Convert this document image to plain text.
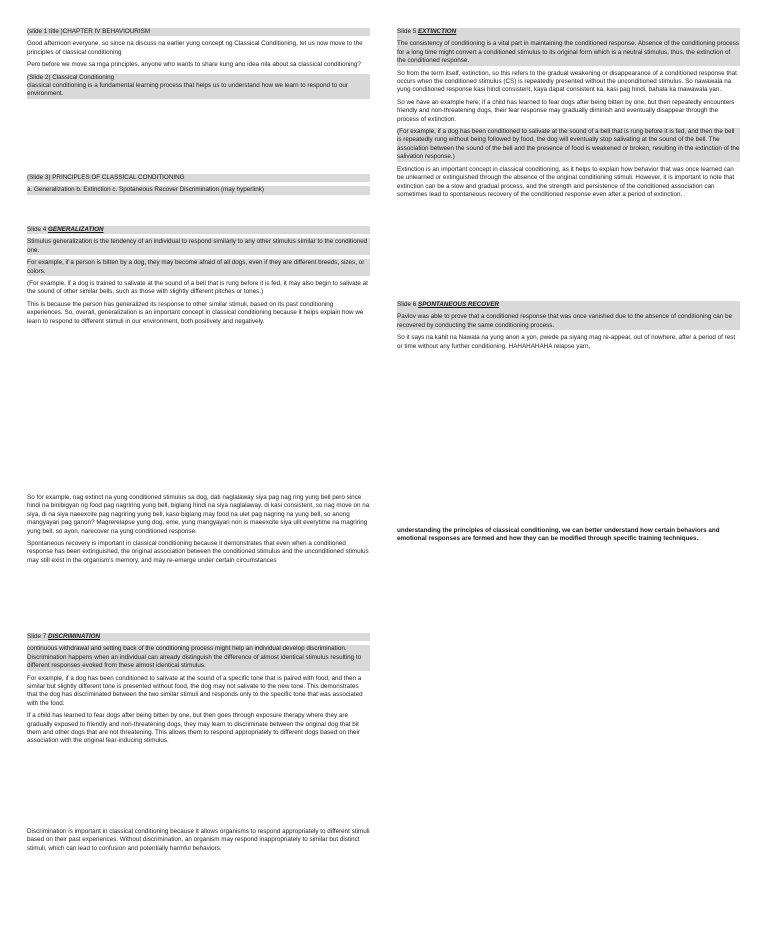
(slide 1 title )CHAPTER IV BEHAVIOURISM

Good afternoon everyone, so since na discuss na earlier yung concept ng Classical Conditioning, let us now move to the principles of classical conditioning

Pero before we move sa mga principles, anyone who wants to share kung ano idea nila about sa classical conditioning?

(Slide 2) Classical Conditioning

classical conditioning is a fundamental learning process that helps us to understand how we learn to respond to our environment.

(Slide 3) PRINCIPLES OF CLASSICAL CONDITIONING

a. Generalization b. Extinction c. Spotaneous Recover Discrimination (may hyperlink)

Slide 4 GENERALIZATION

Stimulus generalization is the tendency of an individual to respond similarly to any other stimulus similar to the conditioned one.

For example, if a person is bitten by a dog, they may become afraid of all dogs, even if they are different breeds, sizes, or colors.

(For example, if a dog is trained to salivate at the sound of a bell that is rung before it is fed, it may also begin to salivate at the sound of other similar bells, such as those with slightly different pitches or tones.)

This is because the person has generalized its response to other similar stimuli, based on its past conditioning experiences. So, overall, generalization is an important concept in classical conditioning because it helps explain how we learn to respond to different stimuli in our environment, both positively and negatively.

So for example, nag extinct na yung conditioned stimulus sa dog, dati naglalaway siya pag nag ring yung bell pero since hindi na binibigyan ng food pag nagriring yung bell, biglang hindi na siya naglalaway, di kasi consistent, so nag move on na siya, di na siya naeexcite pag nagriring yung bell, kaso biglang may food na ulet pag nagring na yung bell, so anong mangyayari pag ganon? Magrerelapse yung dog, eme, yung mangyayari non is maeexcite siya ulit everytime na magriring yung bell, so ayon, narecover na yung conditioned response.

Spontaneous recovery is important in classical conditioning because it demonstrates that even when a conditioned response has been extinguished, the original association between the conditioned stimulus and the unconditioned stimulus may still exist in the organism's memory, and may re-emerge under certain circumstances

Slide 7 DISCRIMINATION

continuous withdrawal and setting back of the conditioning process might help an individual develop discrimination. Discrimination happens when an individual can already distinguish the difference of almost identical stimulus resulting to different responses evoked from these almost identical stimulus.

For example, if a dog has been conditioned to salivate at the sound of a specific tone that is paired with food, and then a similar but slightly different tone is presented without food, the dog may not salivate to the new tone. This demonstrates that the dog has discriminated between the two similar stimuli and responds only to the specific tone that was associated with the food.

If a child has learned to fear dogs after being bitten by one, but then goes through exposure therapy where they are gradually exposed to friendly and non-threatening dogs, they may learn to discriminate between the original dog that bit them and other dogs that are not threatening. This allows them to respond appropriately to different dogs based on their association with the original fear-inducing stimulus.

Discrimination is important in classical conditioning because it allows organisms to respond appropriately to different stimuli based on their past experiences. Without discrimination, an organism may respond inappropriately to similar but distinct stimuli, which can lead to confusion and potentially harmful behaviors.

Slide 5 EXTINCTION

The consistency of conditioning is a vital part in maintaining the conditioned response. Absence of the conditioning process for a long time might convert a conditioned stimulus to its original form which is a neutral stimulus, thus, the extinction of the conditioned response.

So from the term itself, extinction, so this refers to the gradual weakening or disappearance of a conditioned response that occurs when the conditioned stimulus (CS) is repeatedly presented without the unconditioned stimulus. So nawawala na yung conditioned response kasi hindi consistent, kaya dapat consistent ka, kasi pag hindi, bahala ka mawawala yan.

So we have an example here; if a child has learned to fear dogs after being bitten by one, but then repeatedly encounters friendly and non-threatening dogs, their fear response may gradually diminish and eventually disappear through the process of extinction.

(For example, if a dog has been conditioned to salivate at the sound of a bell that is rung before it is fed, and then the bell is repeatedly rung without being followed by food, the dog will eventually stop salivating at the sound of the bell. The association between the sound of the bell and the presence of food is weakened or broken, resulting in the extinction of the salivation response.)

Extinction is an important concept in classical conditioning, as it helps to explain how behavior that was once learned can be unlearned or extinguished through the absence of the original conditioning stimuli. However, it is important to note that extinction can be a slow and gradual process, and the strength and persistence of the conditioned association can sometimes lead to spontaneous recovery of the conditioned response even after a period of extinction.

Slide 6 SPONTANEOUS RECOVER

Pavlov was able to prove that a conditioned response that was once vanished due to the absence of conditioning can be recovered by conducting the same conditioning process.

So it says na kahit na Nawala na yung anon a yon, pwede pa siyang mag re-appear, out of nowhere, after a period of rest or time without any further conditioning. HAHAHAHAHA relapse yarn,

understanding the principles of classical conditioning, we can better understand how certain behaviors and emotional responses are formed and how they can be modified through specific training techniques.
